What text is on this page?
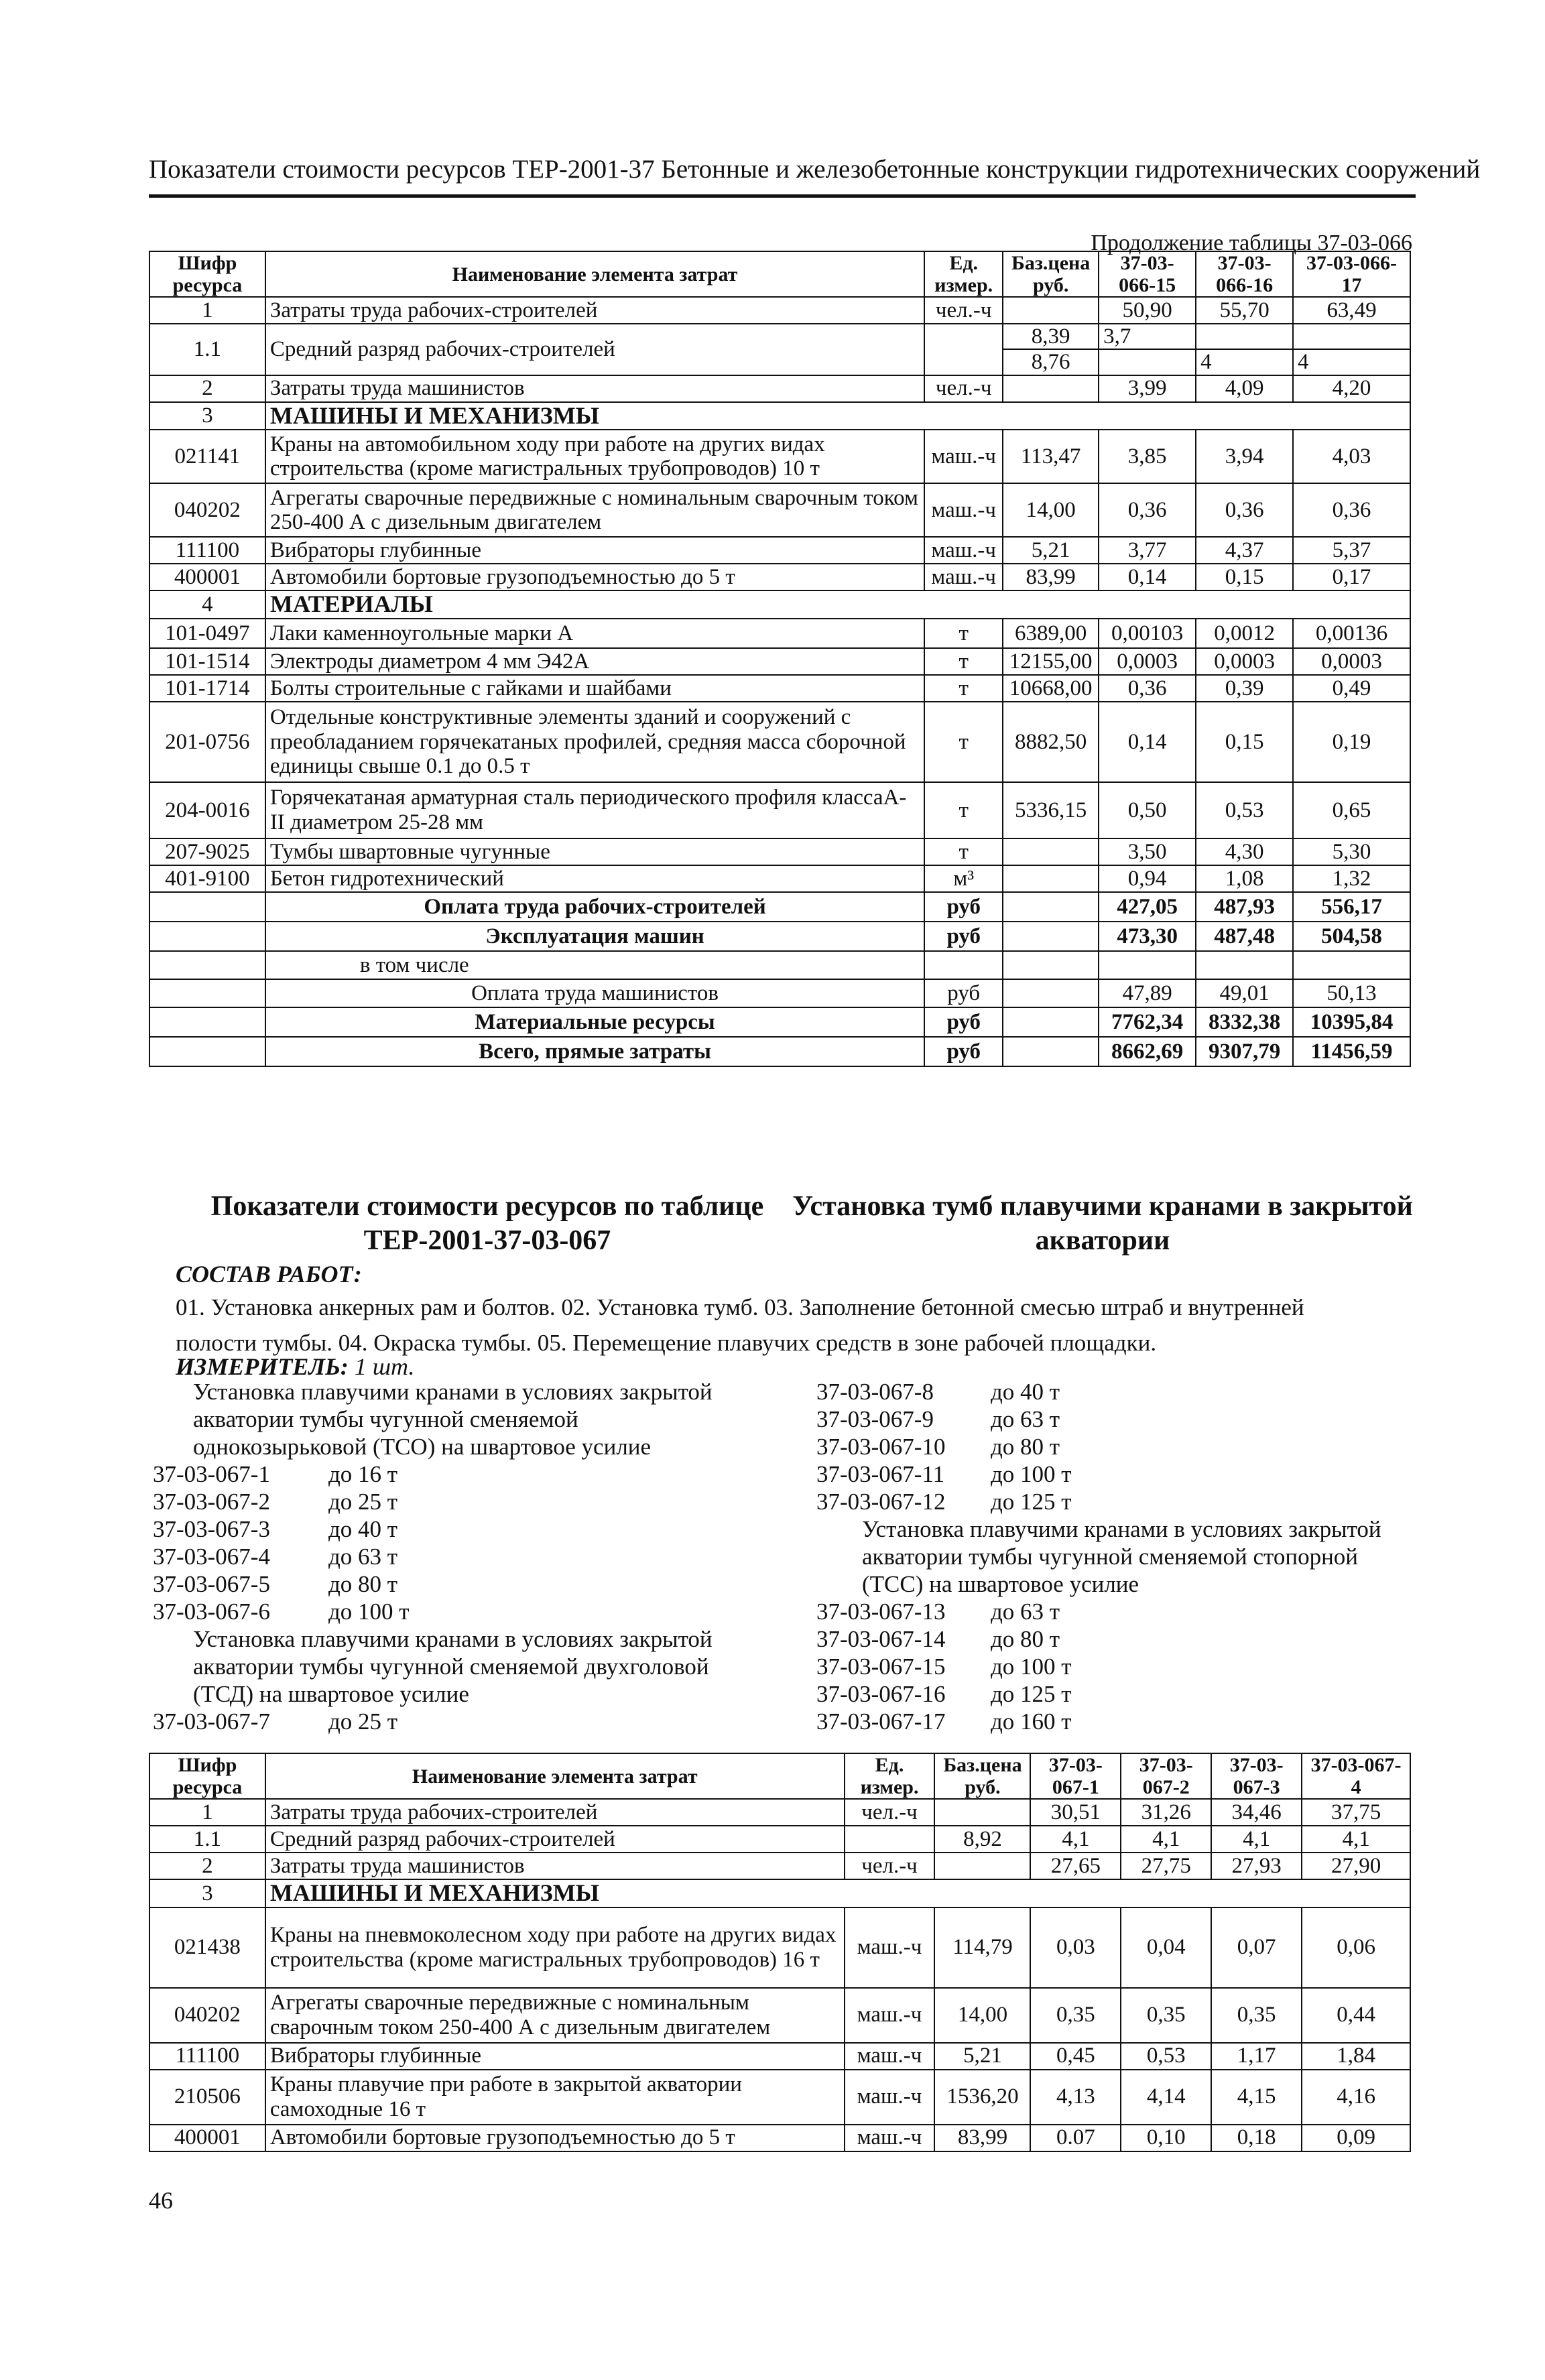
Показатели стоимости ресурсов ТЕР-2001-37 Бетонные и железобетонные конструкции гидротехнических сооружений
Продолжение таблицы 37-03-066
Шифр ресурса	Наименование элемента затрат	Ед. измер.	Баз.цена руб.	37-03-066-15	37-03-066-16	37-03-066-17
1	Затраты труда рабочих-строителей	чел.-ч		50,90	55,70	63,49
1.1	Средний разряд рабочих-строителей		8,39	3,7		
			8,76		4	4
2	Затраты труда машинистов	чел.-ч		3,99	4,09	4,20
3	МАШИНЫ И МЕХАНИЗМЫ					
021141	Краны на автомобильном ходу при работе на других видах строительства (кроме магистральных трубопроводов) 10 т	маш.-ч	113,47	3,85	3,94	4,03
040202	Агрегаты сварочные передвижные с номинальным сварочным током 250-400 А с дизельным двигателем	маш.-ч	14,00	0,36	0,36	0,36
111100	Вибраторы глубинные	маш.-ч	5,21	3,77	4,37	5,37
400001	Автомобили бортовые грузоподъемностью до 5 т	маш.-ч	83,99	0,14	0,15	0,17
4	МАТЕРИАЛЫ					
101-0497	Лаки каменноугольные марки А	т	6389,00	0,00103	0,0012	0,00136
101-1514	Электроды диаметром 4 мм Э42А	т	12155,00	0,0003	0,0003	0,0003
101-1714	Болты строительные с гайками и шайбами	т	10668,00	0,36	0,39	0,49
201-0756	Отдельные конструктивные элементы зданий и сооружений с преобладанием горячекатаных профилей, средняя масса сборочной единицы свыше 0.1 до 0.5 т	т	8882,50	0,14	0,15	0,19
204-0016	Горячекатаная арматурная сталь периодического профиля классаА-II диаметром 25-28 мм	т	5336,15	0,50	0,53	0,65
207-9025	Тумбы швартовные чугунные	т		3,50	4,30	5,30
401-9100	Бетон гидротехнический	м³		0,94	1,08	1,32
	Оплата труда рабочих-строителей	руб		427,05	487,93	556,17
	Эксплуатация машин	руб		473,30	487,48	504,58
	в том числе					
	Оплата труда машинистов	руб		47,89	49,01	50,13
	Материальные ресурсы	руб		7762,34	8332,38	10395,84
	Всего, прямые затраты	руб		8662,69	9307,79	11456,59
Показатели стоимости ресурсов по таблице
ТЕР-2001-37-03-067
Установка тумб плавучими кранами в закрытой
акватории
СОСТАВ РАБОТ:
01. Установка анкерных рам и болтов. 02. Установка тумб. 03. Заполнение бетонной смесью штраб и внутренней
полости тумбы. 04. Окраска тумбы. 05. Перемещение плавучих средств в зоне рабочей площадки.
ИЗМЕРИТЕЛЬ: 1 шт.
Установка плавучими кранами в условиях закрытой
акватории тумбы чугунной сменяемой
однокозырьковой (ТСО) на швартовое усилие
37-03-067-1	до 16 т
37-03-067-2	до 25 т
37-03-067-3	до 40 т
37-03-067-4	до 63 т
37-03-067-5	до 80 т
37-03-067-6	до 100 т
Установка плавучими кранами в условиях закрытой
акватории тумбы чугунной сменяемой двухголовой
(ТСД) на швартовое усилие
37-03-067-7	до 25 т
37-03-067-8	до 40 т
37-03-067-9	до 63 т
37-03-067-10	до 80 т
37-03-067-11	до 100 т
37-03-067-12	до 125 т
Установка плавучими кранами в условиях закрытой
акватории тумбы чугунной сменяемой стопорной
(ТСС) на швартовое усилие
37-03-067-13	до 63 т
37-03-067-14	до 80 т
37-03-067-15	до 100 т
37-03-067-16	до 125 т
37-03-067-17	до 160 т
Шифр ресурса	Наименование элемента затрат	Ед. измер.	Баз.цена руб.	37-03-067-1	37-03-067-2	37-03-067-3	37-03-067-4
1	Затраты труда рабочих-строителей	чел.-ч		30,51	31,26	34,46	37,75
1.1	Средний разряд рабочих-строителей		8,92	4,1	4,1	4,1	4,1
2	Затраты труда машинистов	чел.-ч		27,65	27,75	27,93	27,90
3	МАШИНЫ И МЕХАНИЗМЫ						
021438	Краны на пневмоколесном ходу при работе на других видах строительства (кроме магистральных трубопроводов) 16 т	маш.-ч	114,79	0,03	0,04	0,07	0,06
040202	Агрегаты сварочные передвижные с номинальным сварочным током 250-400 А с дизельным двигателем	маш.-ч	14,00	0,35	0,35	0,35	0,44
111100	Вибраторы глубинные	маш.-ч	5,21	0,45	0,53	1,17	1,84
210506	Краны плавучие при работе в закрытой акватории самоходные 16 т	маш.-ч	1536,20	4,13	4,14	4,15	4,16
400001	Автомобили бортовые грузоподъемностью до 5 т	маш.-ч	83,99	0.07	0,10	0,18	0,09
46
